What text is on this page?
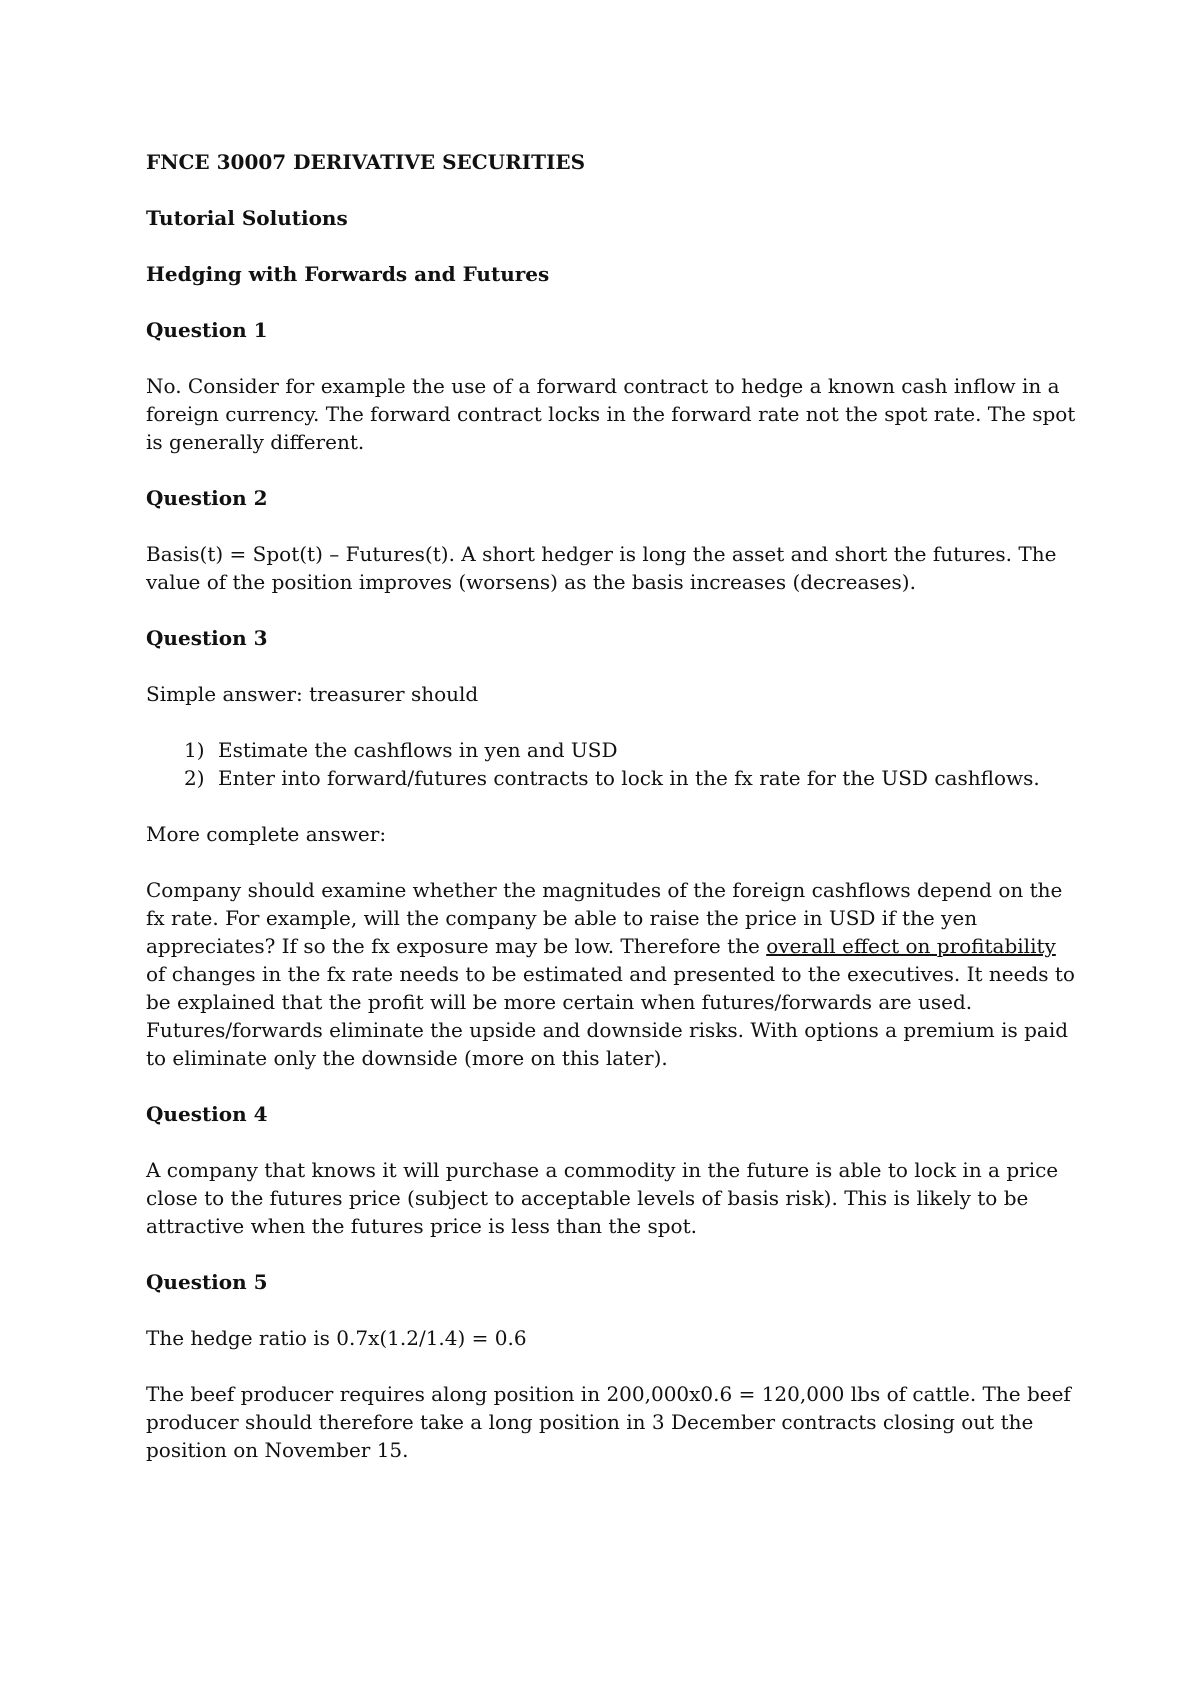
FNCE 30007 DERIVATIVE SECURITIES

Tutorial Solutions

Hedging with Forwards and Futures

Question 1

No. Consider for example the use of a forward contract to hedge a known cash inflow in a foreign currency. The forward contract locks in the forward rate not the spot rate. The spot is generally different.

Question 2

Basis(t) = Spot(t) – Futures(t). A short hedger is long the asset and short the futures. The value of the position improves (worsens) as the basis increases (decreases).

Question 3

Simple answer: treasurer should

1) Estimate the cashflows in yen and USD
2) Enter into forward/futures contracts to lock in the fx rate for the USD cashflows.

More complete answer:

Company should examine whether the magnitudes of the foreign cashflows depend on the fx rate. For example, will the company be able to raise the price in USD if the yen appreciates? If so the fx exposure may be low. Therefore the overall effect on profitability of changes in the fx rate needs to be estimated and presented to the executives. It needs to be explained that the profit will be more certain when futures/forwards are used. Futures/forwards eliminate the upside and downside risks. With options a premium is paid to eliminate only the downside (more on this later).

Question 4

A company that knows it will purchase a commodity in the future is able to lock in a price close to the futures price (subject to acceptable levels of basis risk). This is likely to be attractive when the futures price is less than the spot.

Question 5

The hedge ratio is 0.7x(1.2/1.4) = 0.6

The beef producer requires along position in 200,000x0.6 = 120,000 lbs of cattle. The beef producer should therefore take a long position in 3 December contracts closing out the position on November 15.
